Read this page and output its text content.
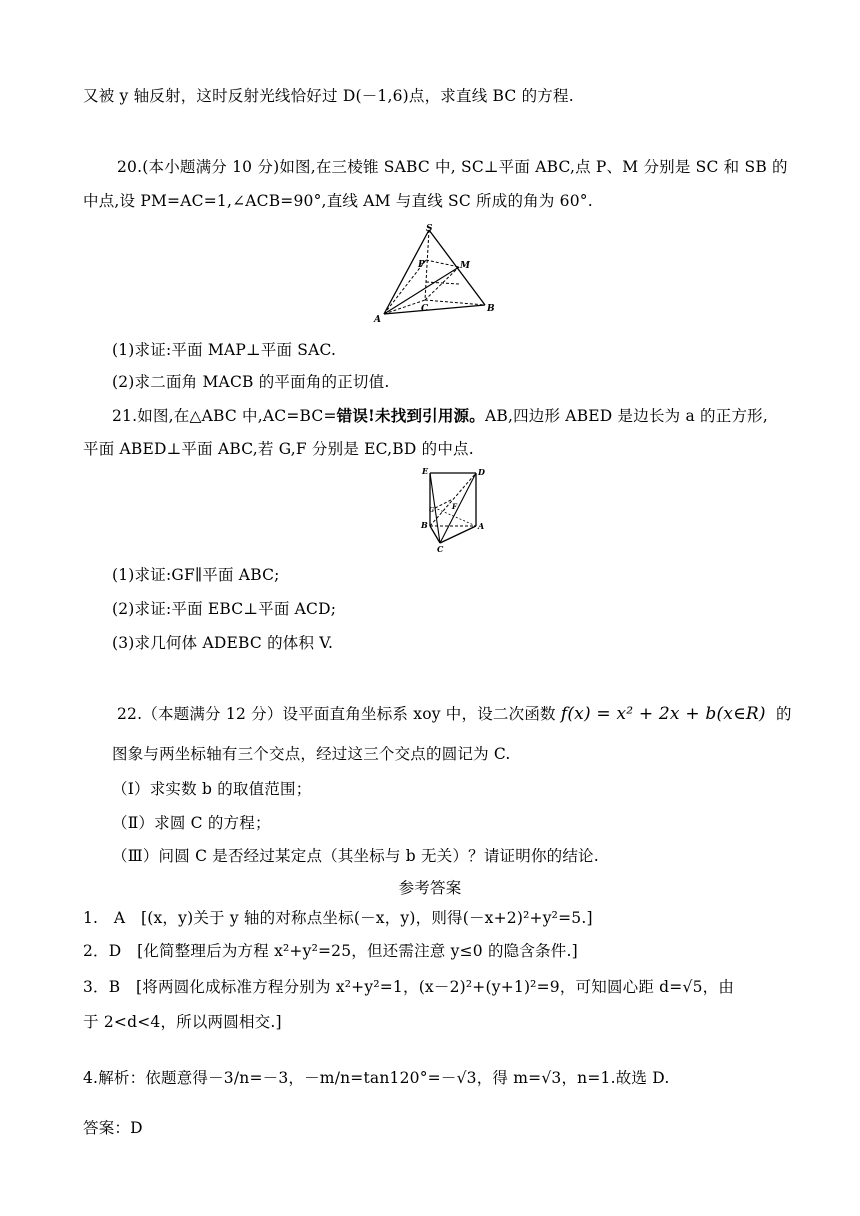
又被 y 轴反射，这时反射光线恰好过 D(－1,6)点，求直线 BC 的方程.
20.(本小题满分 10 分)如图,在三棱锥 SABC 中, SC⊥平面 ABC,点 P、M 分别是 SC 和 SB 的
中点,设 PM=AC=1,∠ACB=90°,直线 AM 与直线 SC 所成的角为 60°.
S
P	M
C
A
B
(1)求证:平面 MAP⊥平面 SAC.
(2)求二面角 MACB 的平面角的正切值.
21.如图,在△ABC 中,AC=BC=错误!未找到引用源。AB,四边形 ABED 是边长为 a 的正方形,
平面 ABED⊥平面 ABC,若 G,F 分别是 EC,BD 的中点.
E	D
G	F
B	A
C
(1)求证:GF∥平面 ABC;
(2)求证:平面 EBC⊥平面 ACD;
(3)求几何体 ADEBC 的体积 V.
22.（本题满分 12 分）设平面直角坐标系 xoy 中，设二次函数 f(x) = x² + 2x + b(x∈R) 的
图象与两坐标轴有三个交点，经过这三个交点的圆记为 C.
（Ⅰ）求实数 b 的取值范围；
（Ⅱ）求圆 C 的方程；
（Ⅲ）问圆 C 是否经过某定点（其坐标与 b 无关）？请证明你的结论.
参考答案
1.　A　[(x，y)关于 y 轴的对称点坐标(－x，y)，则得(－x+2)²+y²=5.]
2．D　[化简整理后为方程 x²+y²=25，但还需注意 y≤0 的隐含条件.]
3．B　[将两圆化成标准方程分别为 x²+y²=1，(x－2)²+(y+1)²=9，可知圆心距 d=√5，由
于 2<d<4，所以两圆相交.]
4.解析：依题意得－3/n=－3，－m/n=tan120°=－√3，得 m=√3，n=1.故选 D.
答案：D
